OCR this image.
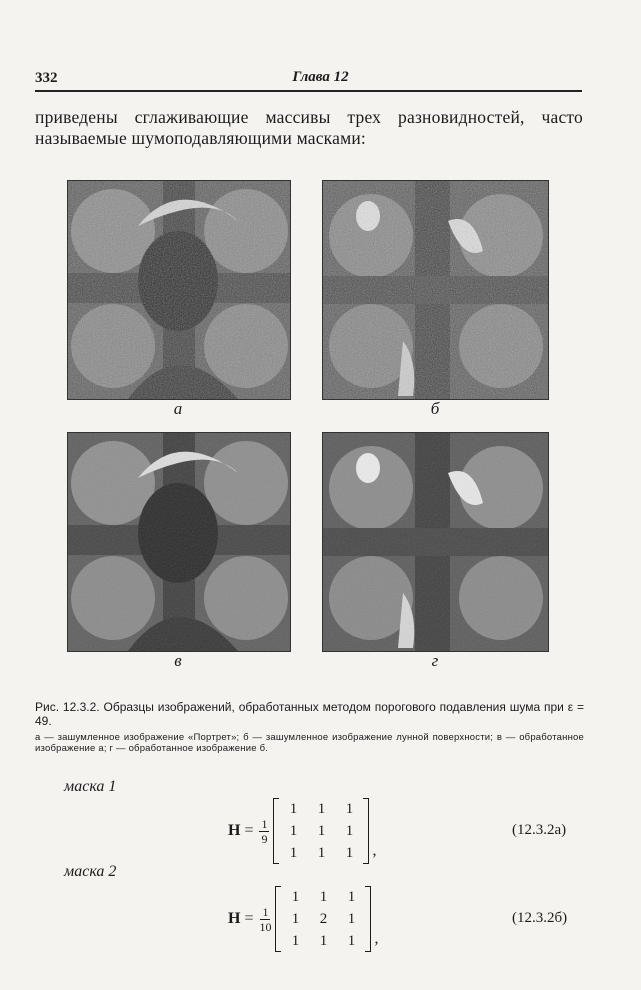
332	Глава 12
приведены сглаживающие массивы трех разновидностей, часто называемые шумоподавляющими масками:
а	б
в	г
Рис. 12.3.2. Образцы изображений, обработанных методом порогового подавления шума при ε = 49.
а — зашумленное изображение «Портрет»; б — зашумленное изображение лунной поверхности; в — обработанное изображение а; г — обработанное изображение б.
маска 1
$H = \frac{1}{9}$
1	1	1
1	1	1
1	1	1	,
(12.3.2а)
маска 2
$H = \frac{1}{10}$
1	1	1
1	2	1
1	1	1	,
(12.3.2б)
